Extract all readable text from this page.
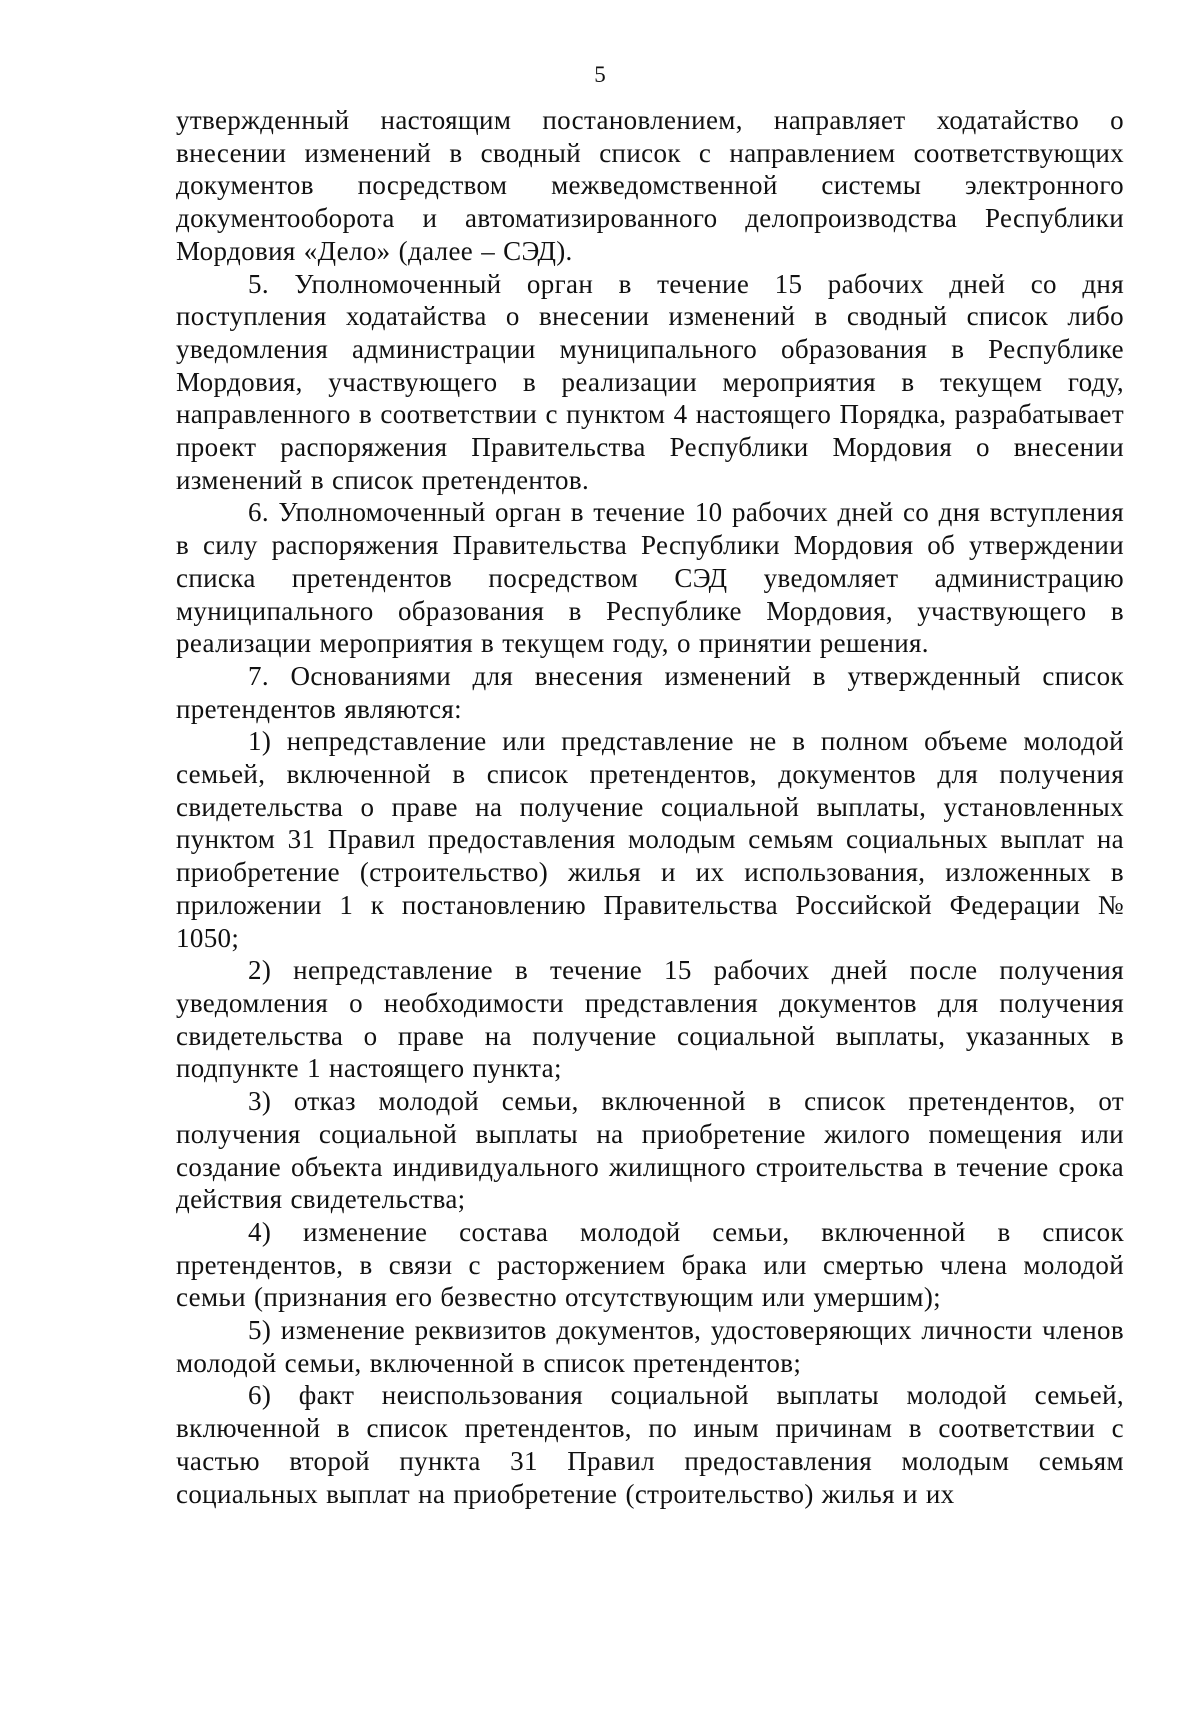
5

утвержденный настоящим постановлением, направляет ходатайство о внесении изменений в сводный список с направлением соответствующих документов посредством межведомственной системы электронного документооборота и автоматизированного делопроизводства Республики Мордовия «Дело» (далее – СЭД).

5. Уполномоченный орган в течение 15 рабочих дней со дня поступления ходатайства о внесении изменений в сводный список либо уведомления администрации муниципального образования в Республике Мордовия, участвующего в реализации мероприятия в текущем году, направленного в соответствии с пунктом 4 настоящего Порядка, разрабатывает проект распоряжения Правительства Республики Мордовия о внесении изменений в список претендентов.

6. Уполномоченный орган в течение 10 рабочих дней со дня вступления в силу распоряжения Правительства Республики Мордовия об утверждении списка претендентов посредством СЭД уведомляет администрацию муниципального образования в Республике Мордовия, участвующего в реализации мероприятия в текущем году, о принятии решения.

7. Основаниями для внесения изменений в утвержденный список претендентов являются:

1) непредставление или представление не в полном объеме молодой семьей, включенной в список претендентов, документов для получения свидетельства о праве на получение социальной выплаты, установленных пунктом 31 Правил предоставления молодым семьям социальных выплат на приобретение (строительство) жилья и их использования, изложенных в приложении 1 к постановлению Правительства Российской Федерации № 1050;

2) непредставление в течение 15 рабочих дней после получения уведомления о необходимости представления документов для получения свидетельства о праве на получение социальной выплаты, указанных в подпункте 1 настоящего пункта;

3) отказ молодой семьи, включенной в список претендентов, от получения социальной выплаты на приобретение жилого помещения или создание объекта индивидуального жилищного строительства в течение срока действия свидетельства;

4) изменение состава молодой семьи, включенной в список претендентов, в связи с расторжением брака или смертью члена молодой семьи (признания его безвестно отсутствующим или умершим);

5) изменение реквизитов документов, удостоверяющих личности членов молодой семьи, включенной в список претендентов;

6) факт неиспользования социальной выплаты молодой семьей, включенной в список претендентов, по иным причинам в соответствии с частью второй пункта 31 Правил предоставления молодым семьям социальных выплат на приобретение (строительство) жилья и их
